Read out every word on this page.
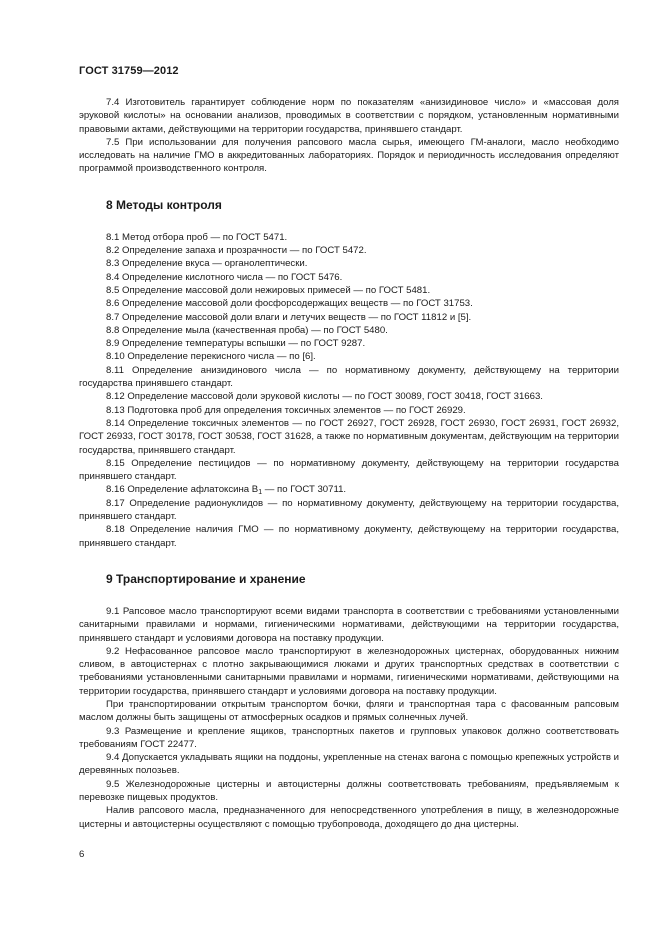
ГОСТ 31759—2012

7.4 Изготовитель гарантирует соблюдение норм по показателям «анизидиновое число» и «массовая доля эруковой кислоты» на основании анализов, проводимых в соответствии с порядком, установленным нормативными правовыми актами, действующими на территории государства, принявшего стандарт.

7.5 При использовании для получения рапсового масла сырья, имеющего ГМ-аналоги, масло необходимо исследовать на наличие ГМО в аккредитованных лабораториях. Порядок и периодичность исследования определяют программой производственного контроля.

8 Методы контроля

8.1 Метод отбора проб — по ГОСТ 5471.

8.2 Определение запаха и прозрачности — по ГОСТ 5472.

8.3 Определение вкуса — органолептически.

8.4 Определение кислотного числа — по ГОСТ 5476.

8.5 Определение массовой доли нежировых примесей — по ГОСТ 5481.

8.6 Определение массовой доли фосфорсодержащих веществ — по ГОСТ 31753.

8.7 Определение массовой доли влаги и летучих веществ — по ГОСТ 11812 и [5].

8.8 Определение мыла (качественная проба) — по ГОСТ 5480.

8.9 Определение температуры вспышки — по ГОСТ 9287.

8.10 Определение перекисного числа — по [6].

8.11 Определение анизидинового числа — по нормативному документу, действующему на территории государства принявшего стандарт.

8.12 Определение массовой доли эруковой кислоты — по ГОСТ 30089, ГОСТ 30418, ГОСТ 31663.

8.13 Подготовка проб для определения токсичных элементов — по ГОСТ 26929.

8.14 Определение токсичных элементов — по ГОСТ 26927, ГОСТ 26928, ГОСТ 26930, ГОСТ 26931, ГОСТ 26932, ГОСТ 26933, ГОСТ 30178, ГОСТ 30538, ГОСТ 31628, а также по нормативным документам, действующим на территории государства, принявшего стандарт.

8.15 Определение пестицидов — по нормативному документу, действующему на территории государства принявшего стандарт.

8.16 Определение афлатоксина $B_1$ — по ГОСТ 30711.

8.17 Определение радионуклидов — по нормативному документу, действующему на территории государства, принявшего стандарт.

8.18 Определение наличия ГМО — по нормативному документу, действующему на территории государства, принявшего стандарт.

9 Транспортирование и хранение

9.1 Рапсовое масло транспортируют всеми видами транспорта в соответствии с требованиями установленными санитарными правилами и нормами, гигиеническими нормативами, действующими на территории государства, принявшего стандарт и условиями договора на поставку продукции.

9.2 Нефасованное рапсовое масло транспортируют в железнодорожных цистернах, оборудованных нижним сливом, в автоцистернах с плотно закрывающимися люками и других транспортных средствах в соответствии с требованиями установленными санитарными правилами и нормами, гигиеническими нормативами, действующими на территории государства, принявшего стандарт и условиями договора на поставку продукции.

При транспортировании открытым транспортом бочки, фляги и транспортная тара с фасованным рапсовым маслом должны быть защищены от атмосферных осадков и прямых солнечных лучей.

9.3 Размещение и крепление ящиков, транспортных пакетов и групповых упаковок должно соответствовать требованиям ГОСТ 22477.

9.4 Допускается укладывать ящики на поддоны, укрепленные на стенах вагона с помощью крепежных устройств и деревянных полозьев.

9.5 Железнодорожные цистерны и автоцистерны должны соответствовать требованиям, предъявляемым к перевозке пищевых продуктов.

Налив рапсового масла, предназначенного для непосредственного употребления в пищу, в железнодорожные цистерны и автоцистерны осуществляют с помощью трубопровода, доходящего до дна цистерны.

6
